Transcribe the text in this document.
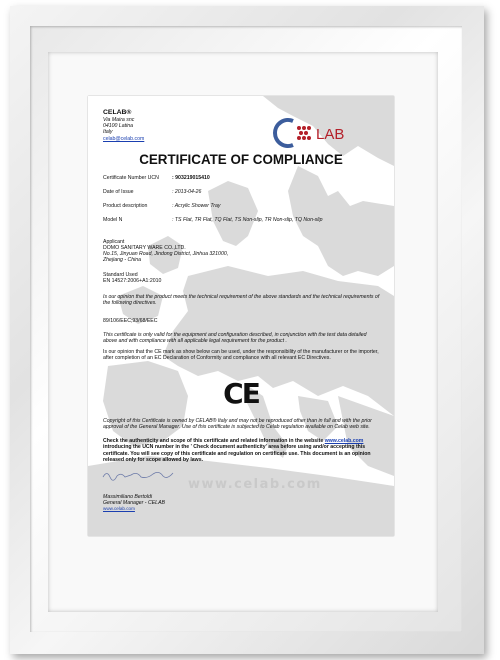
CELAB®
Via Maira snc
04100 Latina
Italy
celab@celab.com	LAB
CERTIFICATE OF COMPLIANCE
Certificate Number UCN	: 903219015410
Date of Issue	: 2013-04-26
Product description	: Acrylic Shower Tray
Model N	: TS Flat, TR Flat, TQ Flat, TS Non-slip, TR Non-slip, TQ Non-slip
Applicant
DOMO SANITARY WARE CO.,LTD.
No.15, Jinyuan Road, Jindong District, Jinhua 321000,
Zhejiang - China
Standard Used
EN 14527:2006+A1:2010
Is our opinion that the product meets the technical requirement of the above standards and the technical requirements of the following directives.
89/106/EEC;93/68/EEC
This certificate is only valid for the equipment and configuration described, in conjunction with the test data detailed above and with compliance with all applicable legal requirement for the product .
Is our opinion that the CE mark as show below can be used, under the responsibility of the manufacturer or the importer, after completion of an EC Declaration of Conformity and compliance with all relevant EC Directives.
CE
Copyright of this Certificate is owned by CELAB® Italy and may not be reproduced other than in full and with the prior approval of the General Manager. Use of this certificate is subjected to Celab regulation available on Celab web site.
Check the authenticity and scope of this certificate and related information in the website www.celab.com introducing the UCN number in the ' Check document authenticity' area before using and/or accepting this certificate. You will see copy of this certificate and regulation on certificate use. This document is an opinion released only for scope allowed by laws.
www.celab.com
Massimiliano Bertoldi
General Manager - CELAB
www.celab.com
